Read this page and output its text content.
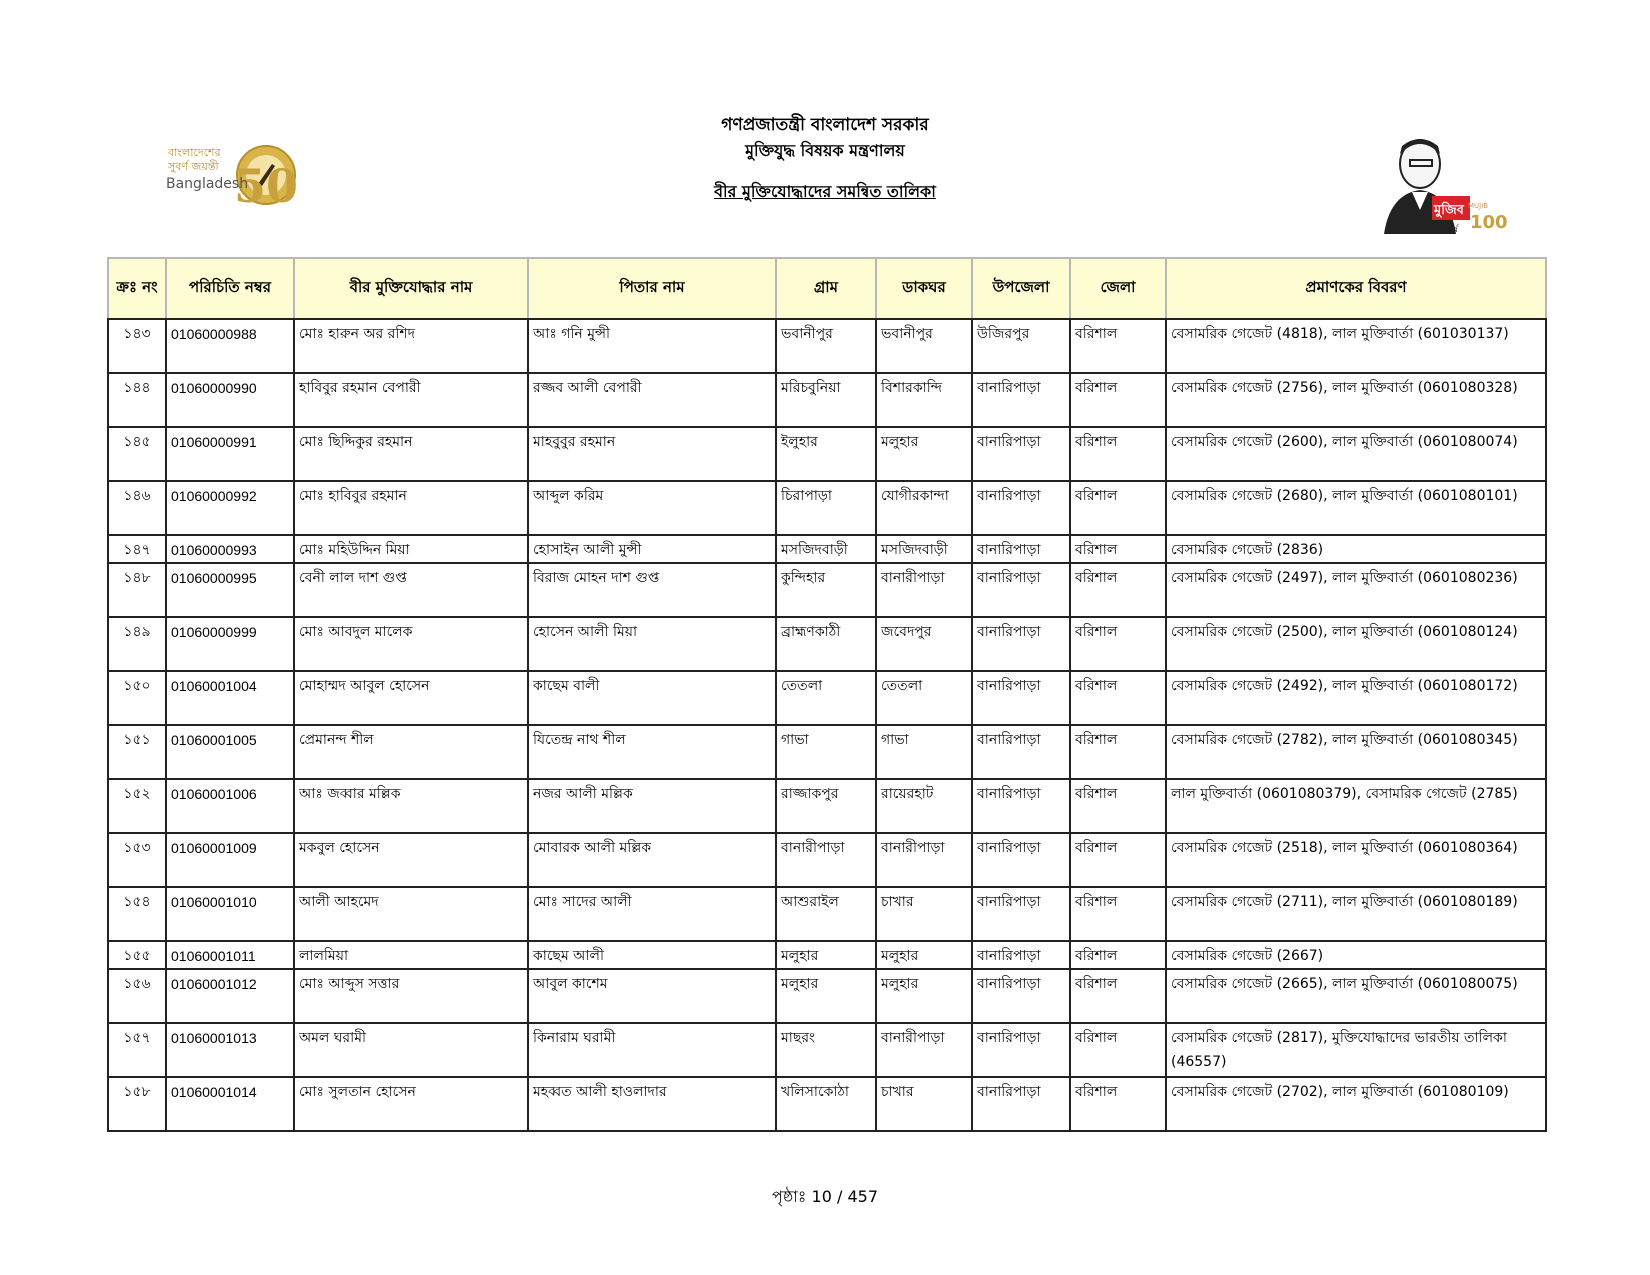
50
বাংলাদেশের
সুবর্ণ জয়ন্তী
Bangladesh
মুজিব MUJIB
100
শতবর্ষ
গণপ্রজাতন্ত্রী বাংলাদেশ সরকার
মুক্তিযুদ্ধ বিষয়ক মন্ত্রণালয়
বীর মুক্তিযোদ্ধাদের সমন্বিত তালিকা
ক্রঃ নং	পরিচিতি নম্বর	বীর মুক্তিযোদ্ধার নাম	পিতার নাম	গ্রাম	ডাকঘর	উপজেলা	জেলা	প্রমাণকের বিবরণ
১৪৩	01060000988	মোঃ হারুন অর রশিদ	আঃ গনি মুন্সী	ভবানীপুর	ভবানীপুর	উজিরপুর	বরিশাল	বেসামরিক গেজেট (4818), লাল মুক্তিবার্তা (601030137)
১৪৪	01060000990	হাবিবুর রহমান বেপারী	রজ্জব আলী বেপারী	মরিচবুনিয়া	বিশারকান্দি	বানারিপাড়া	বরিশাল	বেসামরিক গেজেট (2756), লাল মুক্তিবার্তা (0601080328)
১৪৫	01060000991	মোঃ ছিদ্দিকুর রহমান	মাহবুবুর রহমান	ইলুহার	মলুহার	বানারিপাড়া	বরিশাল	বেসামরিক গেজেট (2600), লাল মুক্তিবার্তা (0601080074)
১৪৬	01060000992	মোঃ হাবিবুর রহমান	আব্দুল করিম	চিরাপাড়া	যোগীরকান্দা	বানারিপাড়া	বরিশাল	বেসামরিক গেজেট (2680), লাল মুক্তিবার্তা (0601080101)
১৪৭	01060000993	মোঃ মহিউদ্দিন মিয়া	হোসাইন আলী মুন্সী	মসজিদবাড়ী	মসজিদবাড়ী	বানারিপাড়া	বরিশাল	বেসামরিক গেজেট (2836)
১৪৮	01060000995	বেনী লাল দাশ গুপ্ত	বিরাজ মোহন দাশ গুপ্ত	কুন্দিহার	বানারীপাড়া	বানারিপাড়া	বরিশাল	বেসামরিক গেজেট (2497), লাল মুক্তিবার্তা (0601080236)
১৪৯	01060000999	মোঃ আবদুল মালেক	হোসেন আলী মিয়া	ব্রাহ্মণকাঠী	জবেদপুর	বানারিপাড়া	বরিশাল	বেসামরিক গেজেট (2500), লাল মুক্তিবার্তা (0601080124)
১৫০	01060001004	মোহাম্মদ আবুল হোসেন	কাছেম বালী	তেতলা	তেতলা	বানারিপাড়া	বরিশাল	বেসামরিক গেজেট (2492), লাল মুক্তিবার্তা (0601080172)
১৫১	01060001005	প্রেমানন্দ শীল	যিতেন্দ্র নাথ শীল	গাভা	গাভা	বানারিপাড়া	বরিশাল	বেসামরিক গেজেট (2782), লাল মুক্তিবার্তা (0601080345)
১৫২	01060001006	আঃ জব্বার মল্লিক	নজর আলী মল্লিক	রাজ্জাকপুর	রায়েরহাট	বানারিপাড়া	বরিশাল	লাল মুক্তিবার্তা (0601080379), বেসামরিক গেজেট (2785)
১৫৩	01060001009	মকবুল হোসেন	মোবারক আলী মল্লিক	বানারীপাড়া	বানারীপাড়া	বানারিপাড়া	বরিশাল	বেসামরিক গেজেট (2518), লাল মুক্তিবার্তা (0601080364)
১৫৪	01060001010	আলী আহমেদ	মোঃ সাদের আলী	আশুরাইল	চাখার	বানারিপাড়া	বরিশাল	বেসামরিক গেজেট (2711), লাল মুক্তিবার্তা (0601080189)
১৫৫	01060001011	লালমিয়া	কাছেম আলী	মলুহার	মলুহার	বানারিপাড়া	বরিশাল	বেসামরিক গেজেট (2667)
১৫৬	01060001012	মোঃ আব্দুস সত্তার	আবুল কাশেম	মলুহার	মলুহার	বানারিপাড়া	বরিশাল	বেসামরিক গেজেট (2665), লাল মুক্তিবার্তা (0601080075)
১৫৭	01060001013	অমল ঘরামী	কিনারাম ঘরামী	মাছরং	বানারীপাড়া	বানারিপাড়া	বরিশাল	বেসামরিক গেজেট (2817), মুক্তিযোদ্ধাদের ভারতীয় তালিকা (46557)
১৫৮	01060001014	মোঃ সুলতান হোসেন	মহব্বত আলী হাওলাদার	খলিসাকোঠা	চাখার	বানারিপাড়া	বরিশাল	বেসামরিক গেজেট (2702), লাল মুক্তিবার্তা (601080109)
পৃষ্ঠাঃ 10 / 457
